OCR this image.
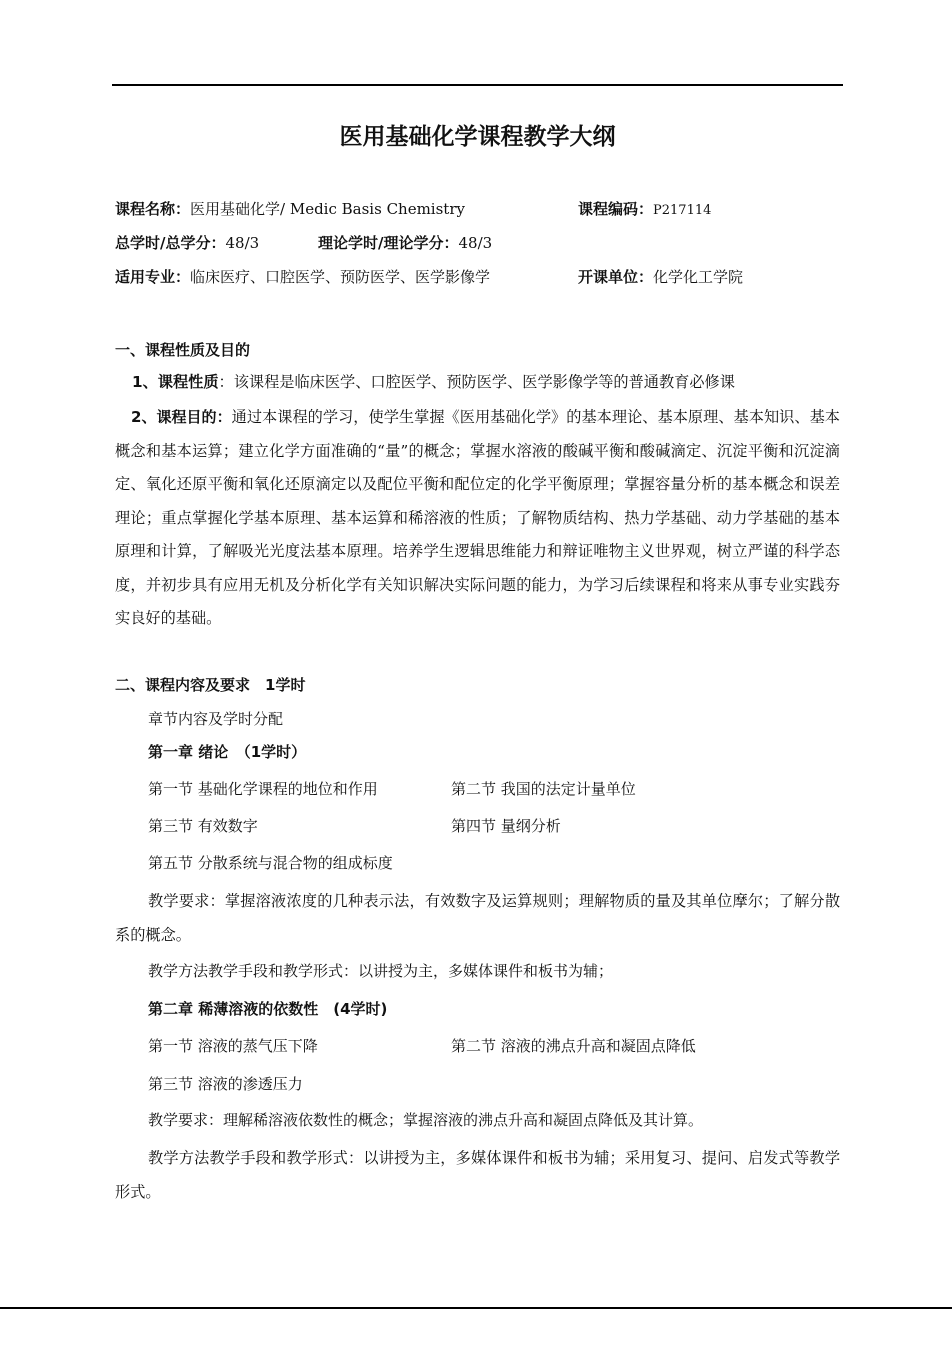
医用基础化学课程教学大纲
课程名称：医用基础化学/ Medic Basis Chemistry	课程编码：P217114
总学时/总学分：48/3	理论学时/理论学分：48/3
适用专业：临床医疗、口腔医学、预防医学、医学影像学	开课单位：化学化工学院
一、课程性质及目的
1、课程性质：该课程是临床医学、口腔医学、预防医学、医学影像学等的普通教育必修课
2、课程目的：通过本课程的学习，使学生掌握《医用基础化学》的基本理论、基本原理、基本知识、基本概念和基本运算；建立化学方面准确的“量”的概念；掌握水溶液的酸碱平衡和酸碱滴定、沉淀平衡和沉淀滴定、氧化还原平衡和氧化还原滴定以及配位平衡和配位定的化学平衡原理；掌握容量分析的基本概念和误差理论；重点掌握化学基本原理、基本运算和稀溶液的性质；了解物质结构、热力学基础、动力学基础的基本原理和计算，了解吸光光度法基本原理。培养学生逻辑思维能力和辩证唯物主义世界观，树立严谨的科学态度，并初步具有应用无机及分析化学有关知识解决实际问题的能力，为学习后续课程和将来从事专业实践夯实良好的基础。
二、课程内容及要求　1学时
章节内容及学时分配
第一章 绪论　（1学时）
第一节 基础化学课程的地位和作用	第二节 我国的法定计量单位
第三节 有效数字	第四节 量纲分析
第五节 分散系统与混合物的组成标度
教学要求：掌握溶液浓度的几种表示法，有效数字及运算规则；理解物质的量及其单位摩尔；了解分散系的概念。
教学方法教学手段和教学形式：以讲授为主，多媒体课件和板书为辅；
第二章 稀薄溶液的依数性　(4学时)
第一节 溶液的蒸气压下降	第二节 溶液的沸点升高和凝固点降低
第三节 溶液的渗透压力
教学要求：理解稀溶液依数性的概念；掌握溶液的沸点升高和凝固点降低及其计算。
教学方法教学手段和教学形式：以讲授为主，多媒体课件和板书为辅；采用复习、提问、启发式等教学形式。
